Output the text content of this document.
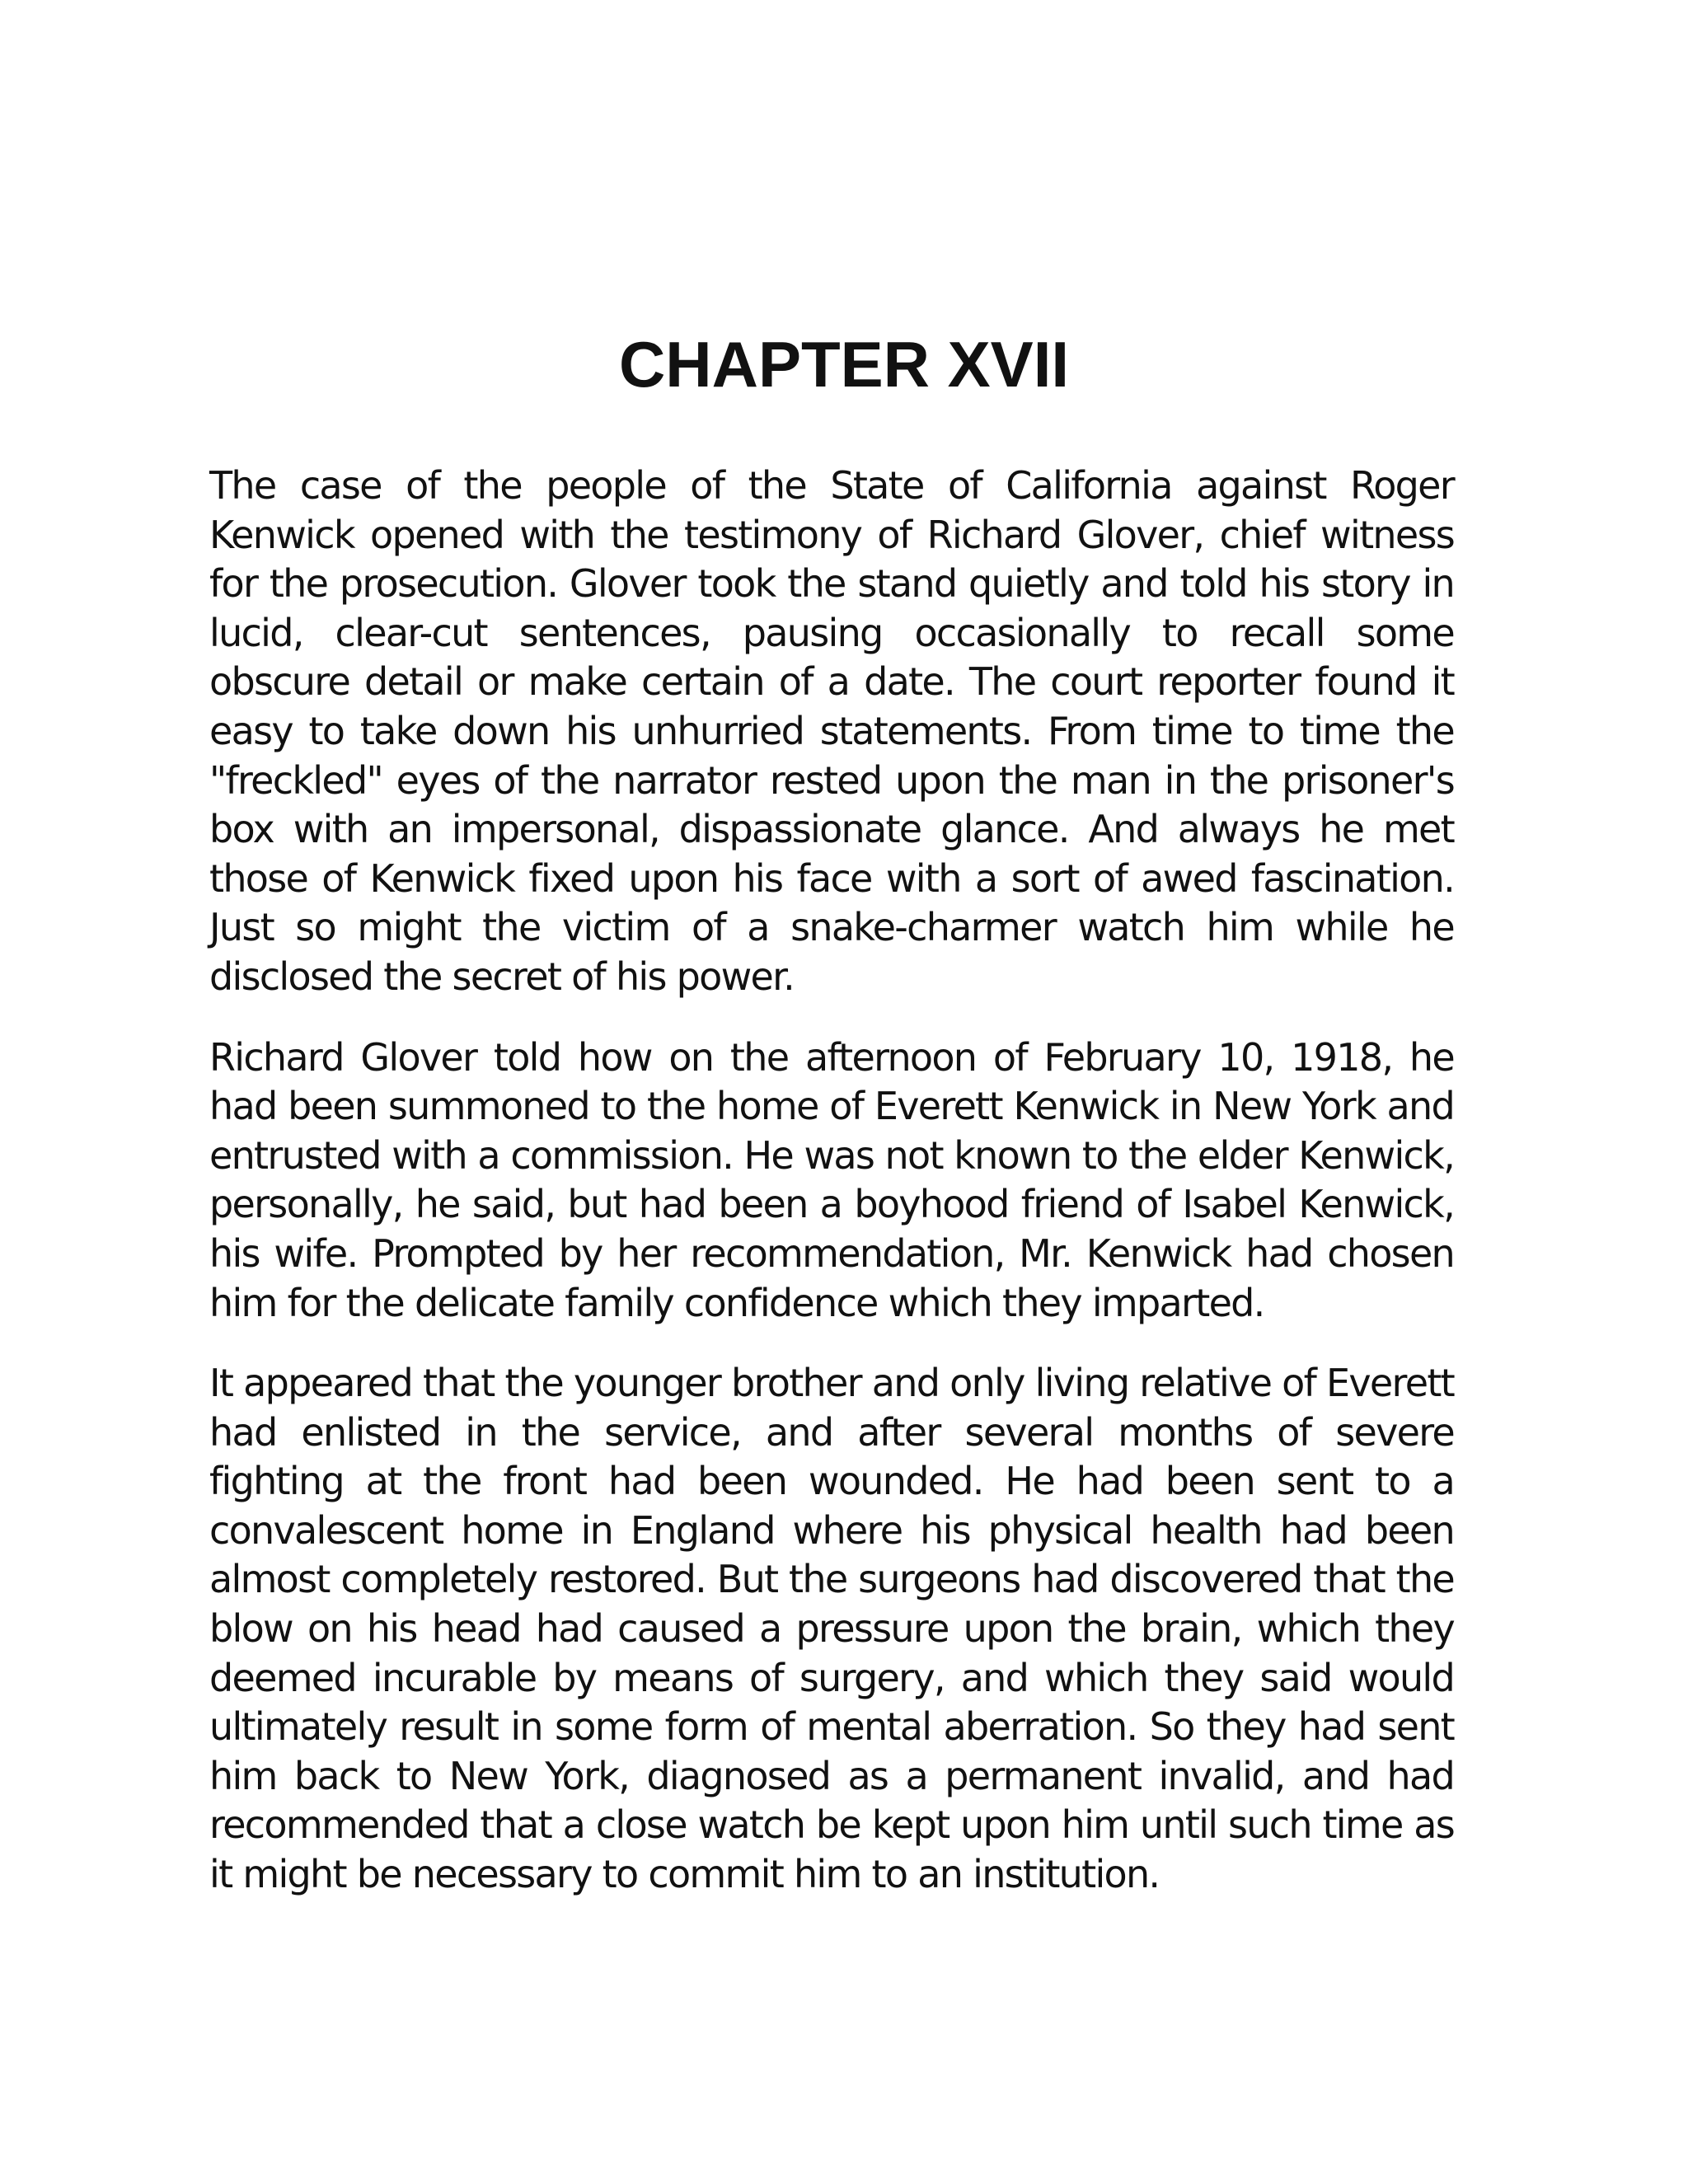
CHAPTER XVII

The case of the people of the State of California against Roger Kenwick opened with the testimony of Richard Glover, chief witness for the prosecution. Glover took the stand quietly and told his story in lucid, clear-cut sentences, pausing occasionally to recall some obscure detail or make certain of a date. The court reporter found it easy to take down his unhurried statements. From time to time the "freckled" eyes of the narrator rested upon the man in the prisoner's box with an impersonal, dispassionate glance. And always he met those of Kenwick fixed upon his face with a sort of awed fascination. Just so might the victim of a snake-charmer watch him while he disclosed the secret of his power.

Richard Glover told how on the afternoon of February 10, 1918, he had been summoned to the home of Everett Kenwick in New York and entrusted with a commission. He was not known to the elder Kenwick, personally, he said, but had been a boyhood friend of Isabel Kenwick, his wife. Prompted by her recommendation, Mr. Kenwick had chosen him for the delicate family confidence which they imparted.

It appeared that the younger brother and only living relative of Everett had enlisted in the service, and after several months of severe fighting at the front had been wounded. He had been sent to a convalescent home in England where his physical health had been almost completely restored. But the surgeons had discovered that the blow on his head had caused a pressure upon the brain, which they deemed incurable by means of surgery, and which they said would ultimately result in some form of mental aberration. So they had sent him back to New York, diagnosed as a permanent invalid, and had recommended that a close watch be kept upon him until such time as it might be necessary to commit him to an institution.
